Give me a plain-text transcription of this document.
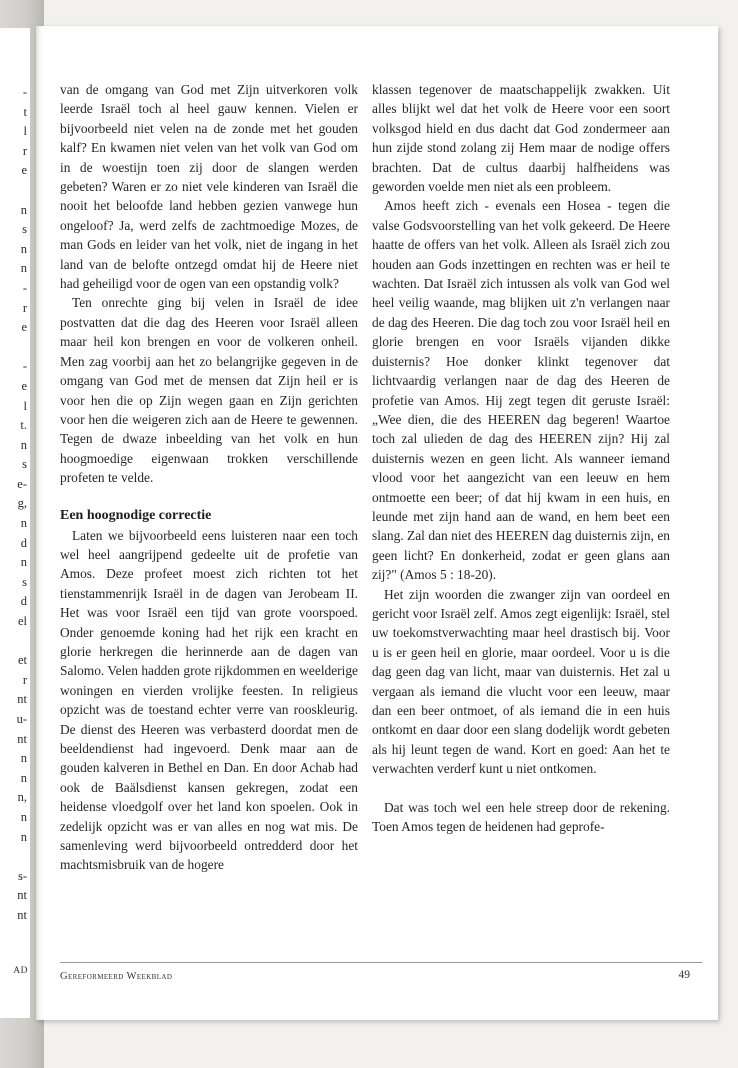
-
t
l
r
e

n
s
n
n
-
r
e

-
e
l
t.
n
s
e-
g,
n
d
n
s
d
el

et
r
nt
u-
nt
n
n
n,
n
n

s-
nt
nt
AD

van de omgang van God met Zijn uitverkoren volk leerde Israël toch al heel gauw kennen. Vielen er bijvoorbeeld niet velen na de zonde met het gouden kalf? En kwamen niet velen van het volk van God om in de woestijn toen zij door de slangen werden gebeten? Waren er zo niet vele kinderen van Israël die nooit het beloofde land hebben gezien vanwege hun ongeloof? Ja, werd zelfs de zachtmoedige Mozes, de man Gods en leider van het volk, niet de ingang in het land van de belofte ontzegd omdat hij de Heere niet had geheiligd voor de ogen van een opstandig volk?

Ten onrechte ging bij velen in Israël de idee postvatten dat die dag des Heeren voor Israël alleen maar heil kon brengen en voor de volkeren onheil. Men zag voorbij aan het zo belangrijke gegeven in de omgang van God met de mensen dat Zijn heil er is voor hen die op Zijn wegen gaan en Zijn gerichten voor hen die weigeren zich aan de Heere te gewennen. Tegen de dwaze inbeelding van het volk en hun hoogmoedige eigenwaan trokken verschillende profeten te velde.

Een hoognodige correctie

Laten we bijvoorbeeld eens luisteren naar een toch wel heel aangrijpend gedeelte uit de profetie van Amos. Deze profeet moest zich richten tot het tienstammenrijk Israël in de dagen van Jerobeam II. Het was voor Israël een tijd van grote voorspoed. Onder genoemde koning had het rijk een kracht en glorie herkregen die herinnerde aan de dagen van Salomo. Velen hadden grote rijkdommen en weelderige woningen en vierden vrolijke feesten. In religieus opzicht was de toestand echter verre van rooskleurig. De dienst des Heeren was verbasterd doordat men de beeldendienst had ingevoerd. Denk maar aan de gouden kalveren in Bethel en Dan. En door Achab had ook de Baälsdienst kansen gekregen, zodat een heidense vloedgolf over het land kon spoelen. Ook in zedelijk opzicht was er van alles en nog wat mis. De samenleving werd bijvoorbeeld ontredderd door het machtsmisbruik van de hogere

klassen tegenover de maatschappelijk zwakken. Uit alles blijkt wel dat het volk de Heere voor een soort volksgod hield en dus dacht dat God zondermeer aan hun zijde stond zolang zij Hem maar de nodige offers brachten. Dat de cultus daarbij halfheidens was geworden voelde men niet als een probleem.

Amos heeft zich - evenals een Hosea - tegen die valse Godsvoorstelling van het volk gekeerd. De Heere haatte de offers van het volk. Alleen als Israël zich zou houden aan Gods inzettingen en rechten was er heil te wachten. Dat Israël zich intussen als volk van God wel heel veilig waande, mag blijken uit z'n verlangen naar de dag des Heeren. Die dag toch zou voor Israël heil en glorie brengen en voor Israëls vijanden dikke duisternis? Hoe donker klinkt tegenover dat lichtvaardig verlangen naar de dag des Heeren de profetie van Amos. Hij zegt tegen dit geruste Israël: „Wee dien, die des HEEREN dag begeren! Waartoe toch zal ulieden de dag des HEEREN zijn? Hij zal duisternis wezen en geen licht. Als wanneer iemand vlood voor het aangezicht van een leeuw en hem ontmoette een beer; of dat hij kwam in een huis, en leunde met zijn hand aan de wand, en hem beet een slang. Zal dan niet des HEEREN dag duisternis zijn, en geen licht? En donkerheid, zodat er geen glans aan zij?" (Amos 5 : 18-20).

Het zijn woorden die zwanger zijn van oordeel en gericht voor Israël zelf. Amos zegt eigenlijk: Israël, stel uw toekomstverwachting maar heel drastisch bij. Voor u is er geen heil en glorie, maar oordeel. Voor u is die dag geen dag van licht, maar van duisternis. Het zal u vergaan als iemand die vlucht voor een leeuw, maar dan een beer ontmoet, of als iemand die in een huis ontkomt en daar door een slang dodelijk wordt gebeten als hij leunt tegen de wand. Kort en goed: Aan het te verwachten verderf kunt u niet ontkomen.

Dat was toch wel een hele streep door de rekening. Toen Amos tegen de heidenen had geprofe-

Gereformeerd Weekblad	49
